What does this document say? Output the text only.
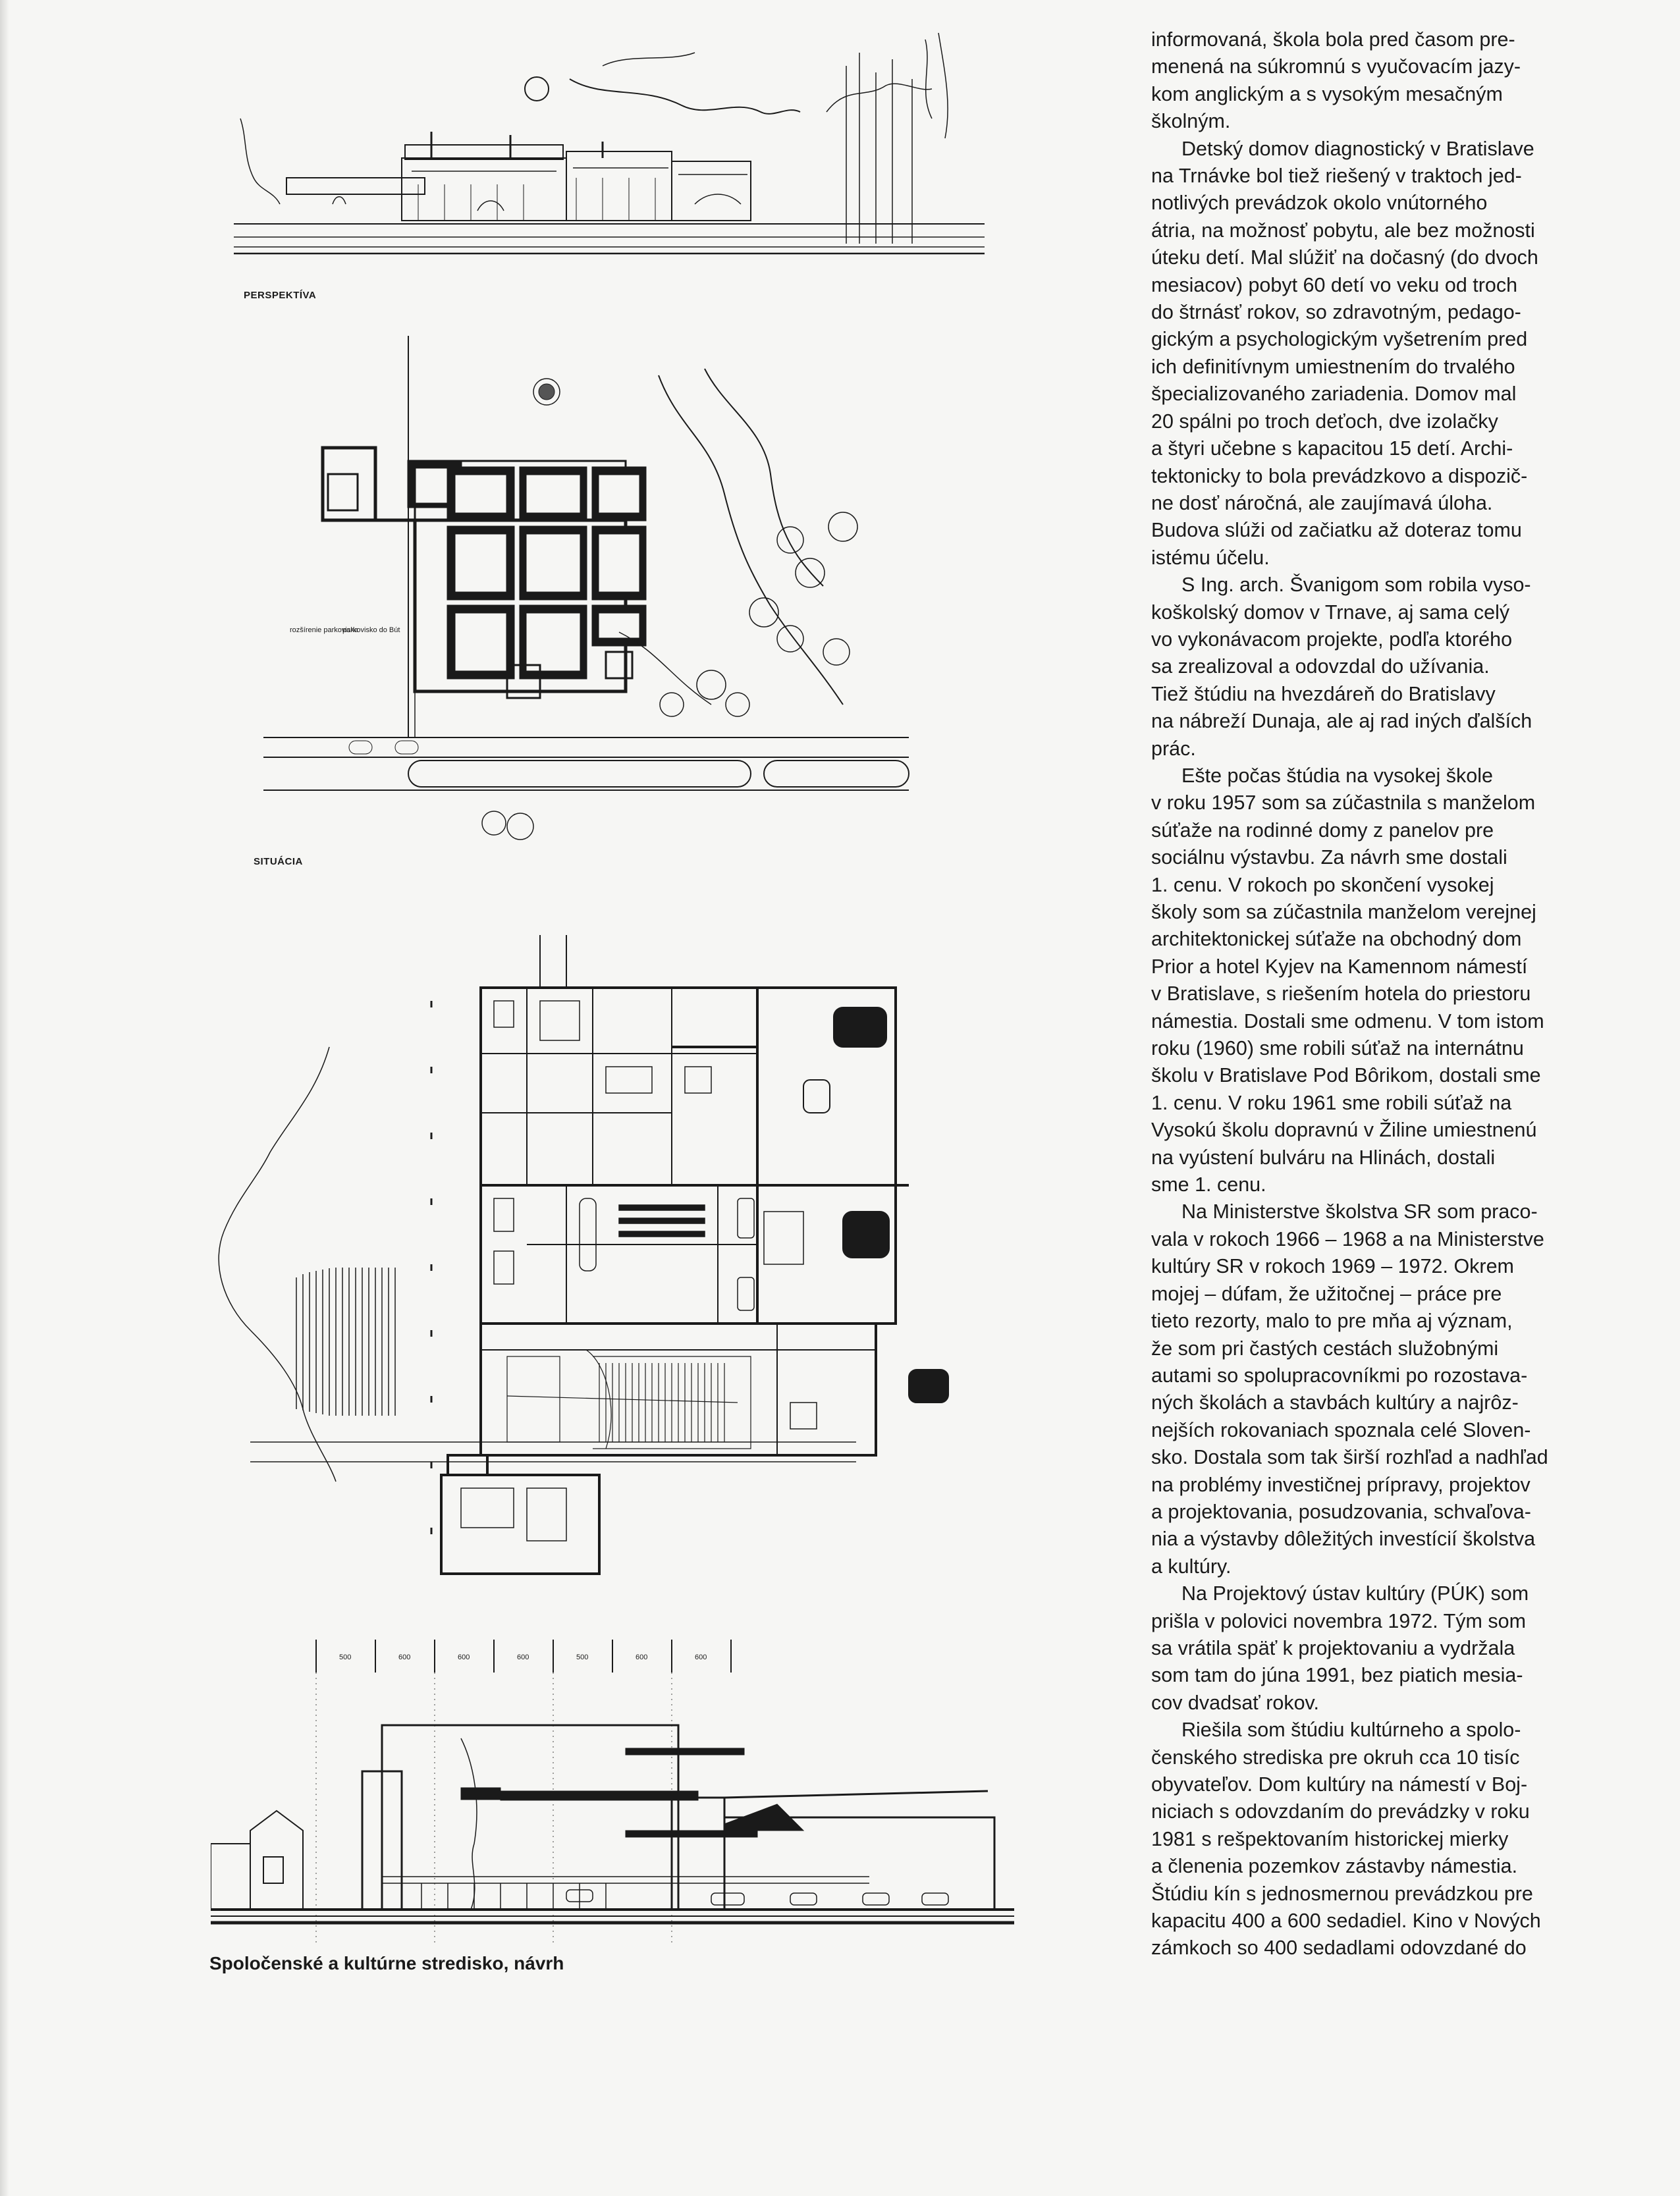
PERSPEKTÍVA
rozšírenie parkoviska
parkovisko do Bút
SITUÁCIA
500	600	600	600	500	600	600
Spoločenské a kultúrne stredisko, návrh
informovaná, škola bola pred časom pre-
menená na súkromnú s vyučovacím jazy-
kom anglickým a s vysokým mesačným
školným.
Detský domov diagnostický v Bratislave
na Trnávke bol tiež riešený v traktoch jed-
notlivých prevádzok okolo vnútorného
átria, na možnosť pobytu, ale bez možnosti
úteku detí. Mal slúžiť na dočasný (do dvoch
mesiacov) pobyt 60 detí vo veku od troch
do štrnásť rokov, so zdravotným, pedago-
gickým a psychologickým vyšetrením pred
ich definitívnym umiestnením do trvalého
špecializovaného zariadenia. Domov mal
20 spálni po troch deťoch, dve izolačky
a štyri učebne s kapacitou 15 detí. Archi-
tektonicky to bola prevádzkovo a dispozič-
ne dosť náročná, ale zaujímavá úloha.
Budova slúži od začiatku až doteraz tomu
istému účelu.
S Ing. arch. Švanigom som robila vyso-
koškolský domov v Trnave, aj sama celý
vo vykonávacom projekte, podľa ktorého
sa zrealizoval a odovzdal do užívania.
Tiež štúdiu na hvezdáreň do Bratislavy
na nábreží Dunaja, ale aj rad iných ďalších
prác.
Ešte počas štúdia na vysokej škole
v roku 1957 som sa zúčastnila s manželom
súťaže na rodinné domy z panelov pre
sociálnu výstavbu. Za návrh sme dostali
1. cenu. V rokoch po skončení vysokej
školy som sa zúčastnila manželom verejnej
architektonickej súťaže na obchodný dom
Prior a hotel Kyjev na Kamennom námestí
v Bratislave, s riešením hotela do priestoru
námestia. Dostali sme odmenu. V tom istom
roku (1960) sme robili súťaž na internátnu
školu v Bratislave Pod Bôrikom, dostali sme
1. cenu. V roku 1961 sme robili súťaž na
Vysokú školu dopravnú v Žiline umiestnenú
na vyústení bulváru na Hlinách, dostali
sme 1. cenu.
Na Ministerstve školstva SR som praco-
vala v rokoch 1966 – 1968 a na Ministerstve
kultúry SR v rokoch 1969 – 1972. Okrem
mojej – dúfam, že užitočnej – práce pre
tieto rezorty, malo to pre mňa aj význam,
že som pri častých cestách služobnými
autami so spolupracovníkmi po rozostava-
ných školách a stavbách kultúry a najrôz-
nejších rokovaniach spoznala celé Sloven-
sko. Dostala som tak širší rozhľad a nadhľad
na problémy investičnej prípravy, projektov
a projektovania, posudzovania, schvaľova-
nia a výstavby dôležitých investícií školstva
a kultúry.
Na Projektový ústav kultúry (PÚK) som
prišla v polovici novembra 1972. Tým som
sa vrátila späť k projektovaniu a vydržala
som tam do júna 1991, bez piatich mesia-
cov dvadsať rokov.
Riešila som štúdiu kultúrneho a spolo-
čenského strediska pre okruh cca 10 tisíc
obyvateľov. Dom kultúry na námestí v Boj-
niciach s odovzdaním do prevádzky v roku
1981 s rešpektovaním historickej mierky
a členenia pozemkov zástavby námestia.
Štúdiu kín s jednosmernou prevádzkou pre
kapacitu 400 a 600 sedadiel. Kino v Nových
zámkoch so 400 sedadlami odovzdané do
